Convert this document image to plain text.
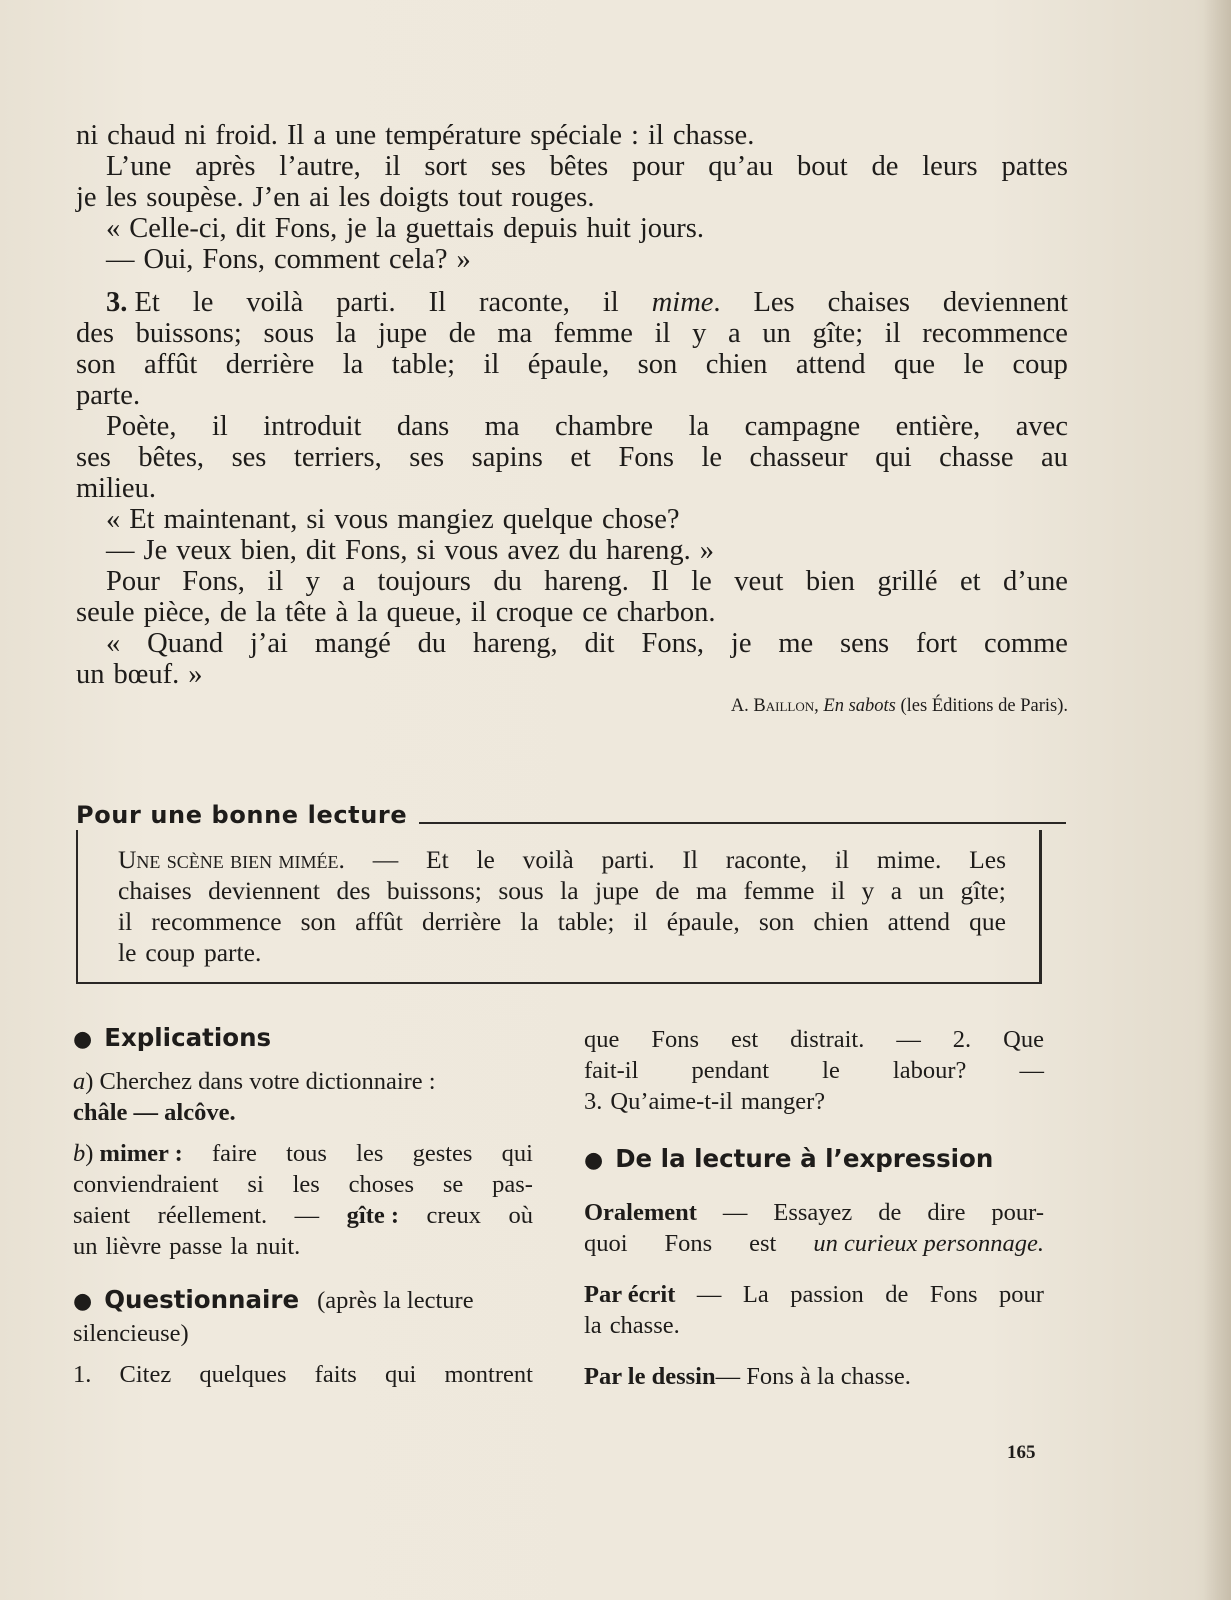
ni chaud ni froid. Il a une température spéciale : il chasse.
L’une après l’autre, il sort ses bêtes pour qu’au bout de leurs pattes
je les soupèse. J’en ai les doigts tout rouges.
« Celle-ci, dit Fons, je la guettais depuis huit jours.
— Oui, Fons, comment cela? »
3. Et le voilà parti. Il raconte, il mime. Les chaises deviennent
des buissons; sous la jupe de ma femme il y a un gîte; il recommence
son affût derrière la table; il épaule, son chien attend que le coup
parte.
Poète, il introduit dans ma chambre la campagne entière, avec
ses bêtes, ses terriers, ses sapins et Fons le chasseur qui chasse au
milieu.
« Et maintenant, si vous mangiez quelque chose?
— Je veux bien, dit Fons, si vous avez du hareng. »
Pour Fons, il y a toujours du hareng. Il le veut bien grillé et d’une
seule pièce, de la tête à la queue, il croque ce charbon.
« Quand j’ai mangé du hareng, dit Fons, je me sens fort comme
un bœuf. »
A. Baillon, En sabots (les Éditions de Paris).
Pour une bonne lecture
Une scène bien mimée. — Et le voilà parti. Il raconte, il mime. Les
chaises deviennent des buissons; sous la jupe de ma femme il y a un gîte;
il recommence son affût derrière la table; il épaule, son chien attend que
le coup parte.
● Explications
a) Cherchez dans votre dictionnaire :
châle — alcôve.
b) mimer : faire tous les gestes qui
conviendraient si les choses se pas-
saient réellement. — gîte : creux où
un lièvre passe la nuit.
● Questionnaire (après la lecture
silencieuse)
1. Citez quelques faits qui montrent
que Fons est distrait. — 2. Que
fait-il pendant le labour? —
3. Qu’aime-t-il manger?
● De la lecture à l’expression
Oralement — Essayez de dire pour-
quoi Fons est un curieux personnage.
Par écrit — La passion de Fons pour
la chasse.
Par le dessin — Fons à la chasse.
165
